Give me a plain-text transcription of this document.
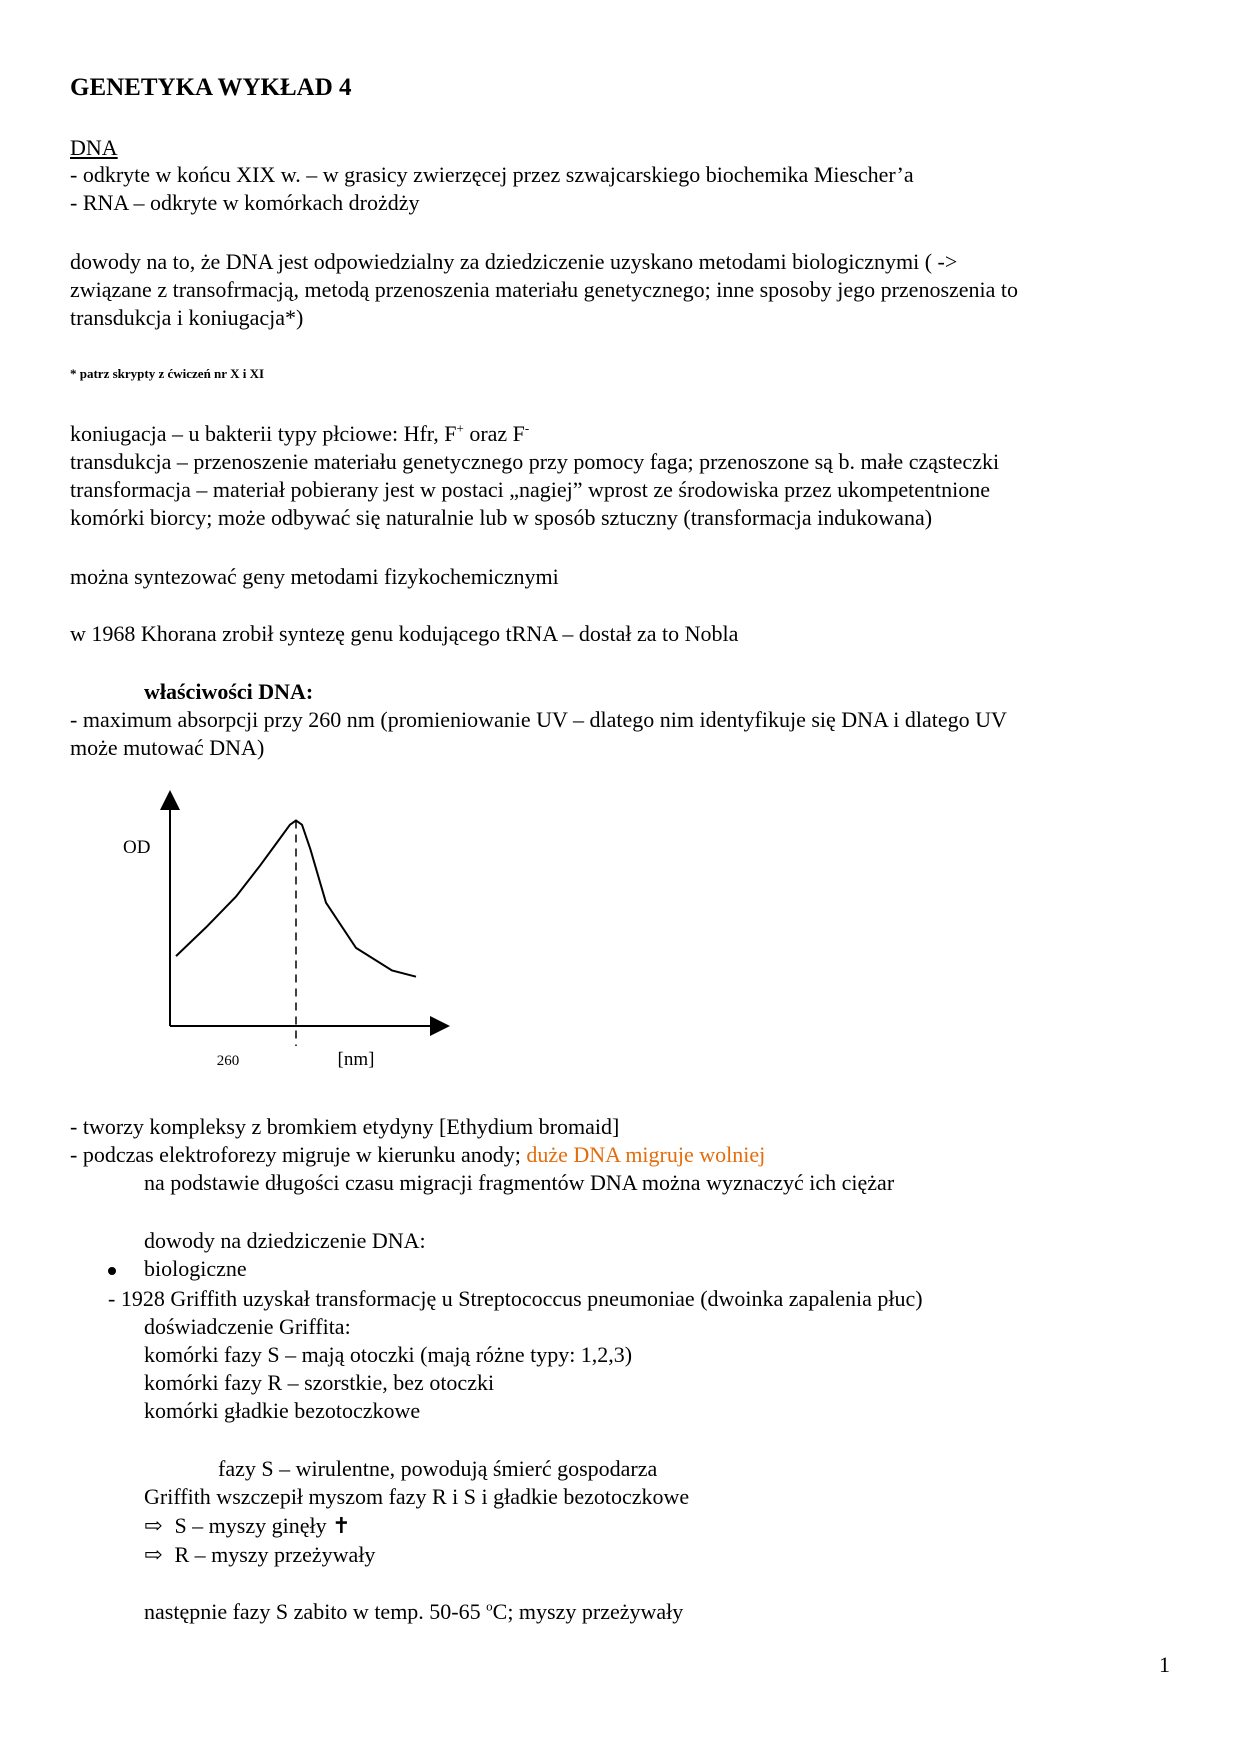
GENETYKA WYKŁAD 4
DNA
- odkryte w końcu XIX w. – w grasicy zwierzęcej przez szwajcarskiego biochemika Miescher’a
- RNA – odkryte w komórkach drożdży
dowody na to, że DNA jest odpowiedzialny za dziedziczenie uzyskano metodami biologicznymi ( ->
związane z transofrmacją, metodą przenoszenia materiału genetycznego; inne sposoby jego przenoszenia to
transdukcja i koniugacja*)
* patrz skrypty z ćwiczeń nr X i XI
koniugacja – u bakterii typy płciowe: Hfr, F+ oraz F-
transdukcja – przenoszenie materiału genetycznego przy pomocy faga; przenoszone są b. małe cząsteczki
transformacja – materiał pobierany jest w postaci „nagiej” wprost ze środowiska przez ukompetentnione
komórki biorcy; może odbywać się naturalnie lub w sposób sztuczny (transformacja indukowana)
można syntezować geny metodami fizykochemicznymi
w 1968 Khorana zrobił syntezę genu kodującego tRNA – dostał za to Nobla
właściwości DNA:
- maximum absorpcji przy 260 nm (promieniowanie UV – dlatego nim identyfikuje się DNA i dlatego UV
może mutować DNA)
- tworzy kompleksy z bromkiem etydyny [Ethydium bromaid]
- podczas elektroforezy migruje w kierunku anody; duże DNA migruje wolniej
na podstawie długości czasu migracji fragmentów DNA można wyznaczyć ich ciężar
dowody na dziedziczenie DNA:
biologiczne
- 1928 Griffith uzyskał transformację u Streptococcus pneumoniae (dwoinka zapalenia płuc)
doświadczenie Griffita:
komórki fazy S – mają otoczki (mają różne typy: 1,2,3)
komórki fazy R – szorstkie, bez otoczki
komórki gładkie bezotoczkowe
fazy S – wirulentne, powodują śmierć gospodarza
Griffith wszczepił myszom fazy R i S i gładkie bezotoczkowe
⇨ S – myszy ginęły ✝
⇨ R – myszy przeżywały
następnie fazy S zabito w temp. 50-65 $^o$C; myszy przeżywały
OD
260	[nm]
1
